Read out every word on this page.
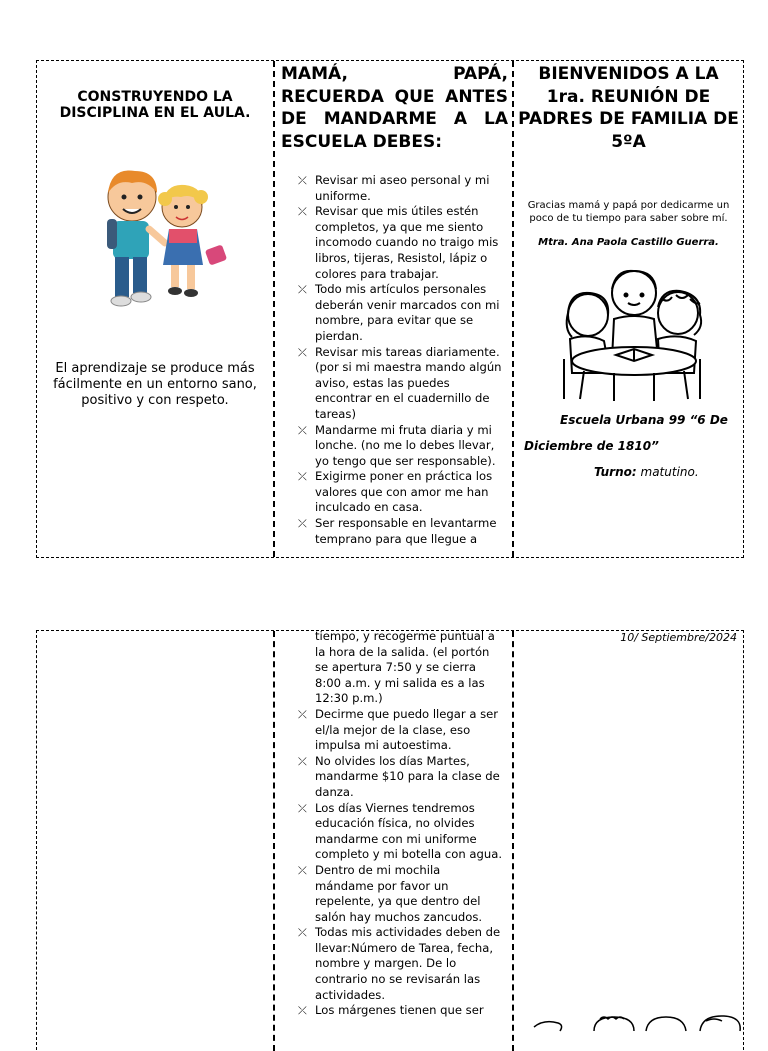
CONSTRUYENDO LA DISCIPLINA EN EL AULA.
El aprendizaje se produce más fácilmente en un entorno sano, positivo y con respeto.
MAMÁ, PAPÁ, RECUERDA QUE ANTES DE MANDARME A LA ESCUELA DEBES:
⤫ Revisar mi aseo personal y mi uniforme.
⤫ Revisar que mis útiles estén completos, ya que me siento incomodo cuando no traigo mis libros, tijeras, Resistol, lápiz o colores para trabajar.
⤫ Todo mis artículos personales deberán venir marcados con mi nombre, para evitar que se pierdan.
⤫ Revisar mis tareas diariamente. (por si mi maestra mando algún aviso, estas las puedes encontrar en el cuadernillo de tareas)
⤫ Mandarme mi fruta diaria y mi lonche. (no me lo debes llevar, yo tengo que ser responsable).
⤫ Exigirme poner en práctica los valores que con amor me han inculcado en casa.
⤫ Ser responsable en levantarme temprano para que llegue a
BIENVENIDOS A LA 1ra. REUNIÓN DE PADRES DE FAMILIA DE 5ºA
Gracias mamá y papá por dedicarme un poco de tu tiempo para saber sobre mí.
Mtra. Ana Paola Castillo Guerra.
Escuela Urbana 99 “6 De
Diciembre de 1810”
Turno: matutino.
tiempo, y recogerme puntual a la hora de la salida. (el portón se apertura 7:50 y se cierra 8:00 a.m. y mi salida es a las 12:30 p.m.)
⤫ Decirme que puedo llegar a ser el/la mejor de la clase, eso impulsa mi autoestima.
⤫ No olvides los días Martes, mandarme $10 para la clase de danza.
⤫ Los días Viernes tendremos educación física, no olvides mandarme con mi uniforme completo y mi botella con agua.
⤫ Dentro de mi mochila mándame por favor un repelente, ya que dentro del salón hay muchos zancudos.
⤫ Todas mis actividades deben de llevar:Número de Tarea, fecha, nombre y margen. De lo contrario no se revisarán las actividades.
⤫ Los márgenes tienen que ser
10/ Septiembre/2024
